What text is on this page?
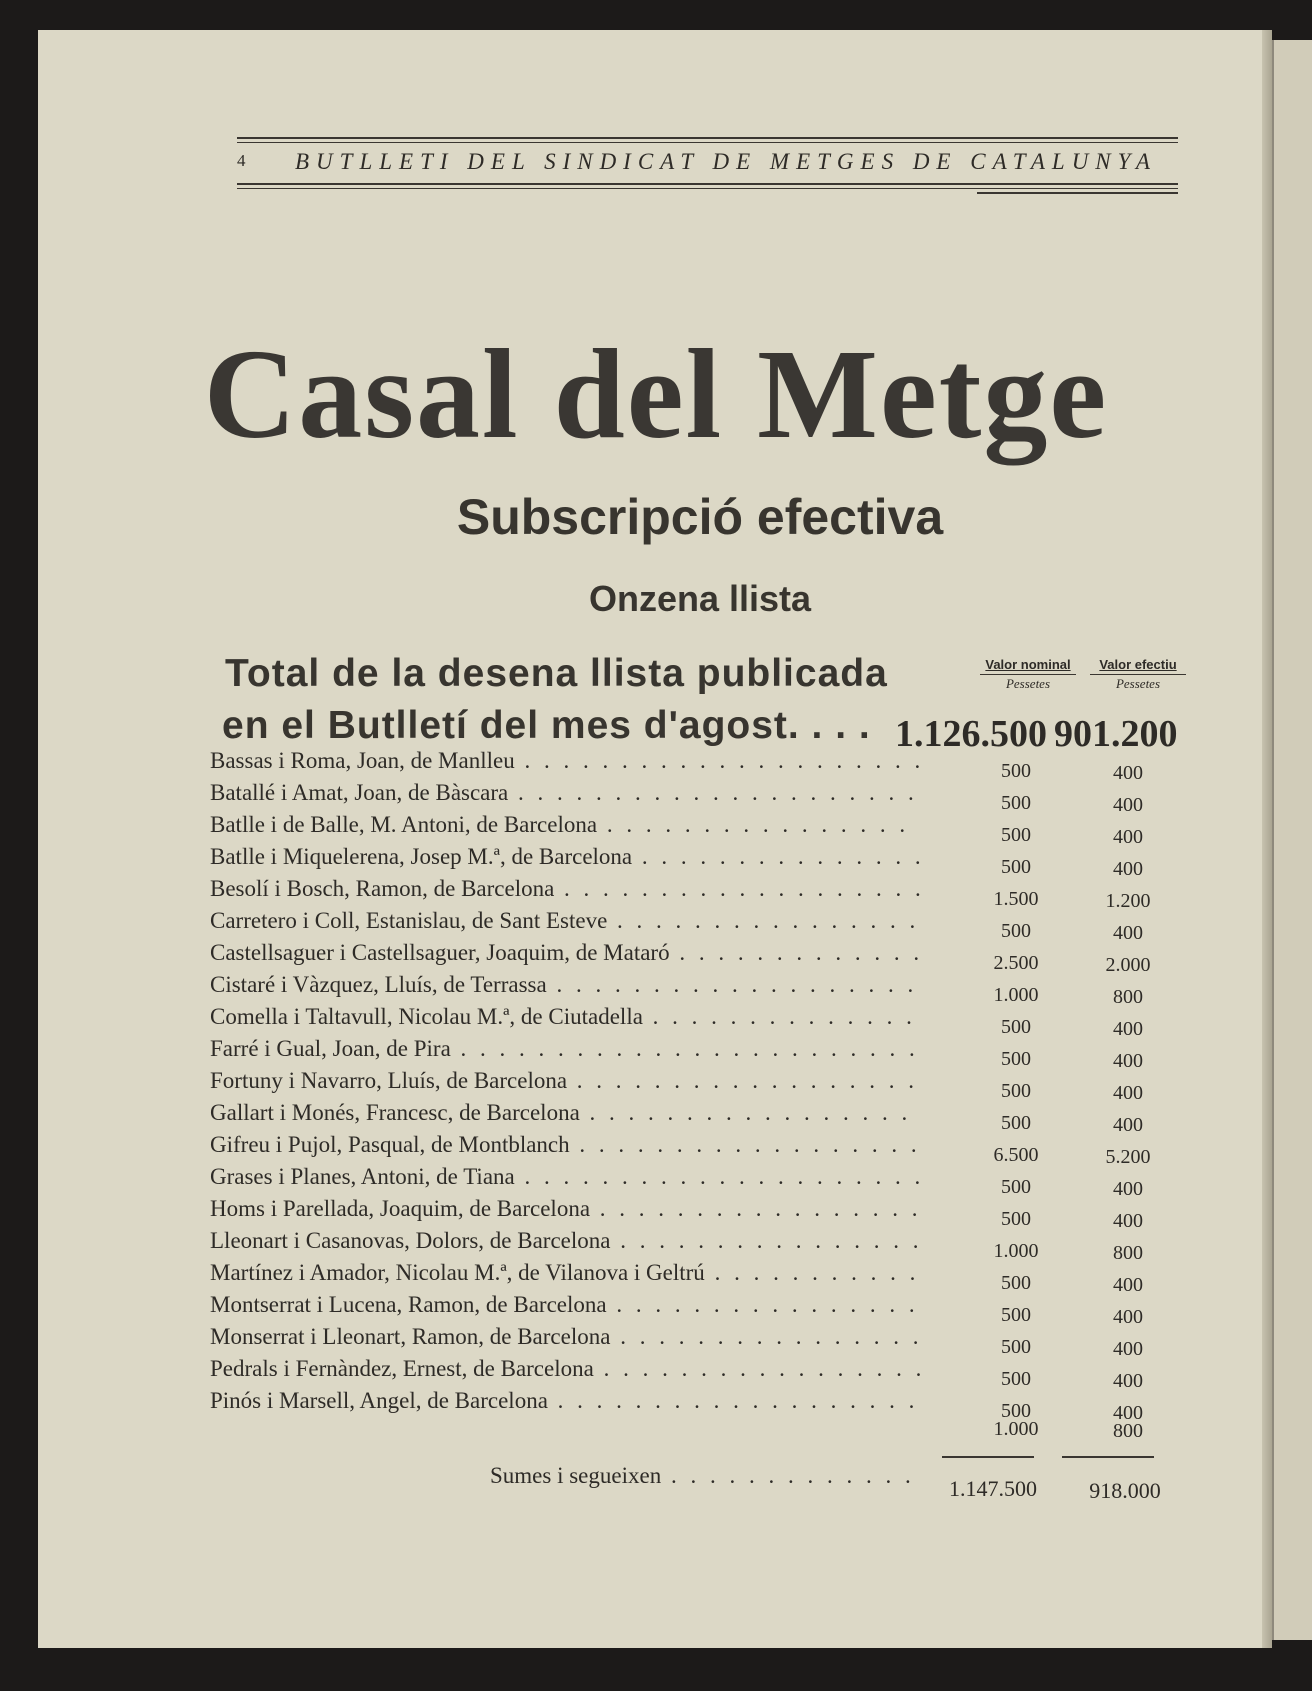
4 BUTLLETI DEL SINDICAT DE METGES DE CATALUNYA
Casal del Metge
Subscripció efectiva
Onzena llista
Total de la desena llista publicada
en el Butlletí del mes d'agost. . . .
Valor nominal
Pessetes
Valor efectiu
Pessetes
1.126.500 901.200
Bassas i Roma, Joan, de Manlleu . . .	500	400
Batallé i Amat, Joan, de Bàscara . . .	500	400
Batlle i de Balle, M. Antoni, de Barcelona . . .	500	400
Batlle i Miquelerena, Josep M.ª, de Barcelona . . .	500	400
Besolí i Bosch, Ramon, de Barcelona . . .	1.500	1.200
Carretero i Coll, Estanislau, de Sant Esteve . . .	500	400
Castellsaguer i Castellsaguer, Joaquim, de Mataró . . .	2.500	2.000
Cistaré i Vàzquez, Lluís, de Terrassa . . .	1.000	800
Comella i Taltavull, Nicolau M.ª, de Ciutadella . . .	500	400
Farré i Gual, Joan, de Pira . . .	500	400
Fortuny i Navarro, Lluís, de Barcelona . . .	500	400
Gallart i Monés, Francesc, de Barcelona . . .	500	400
Gifreu i Pujol, Pasqual, de Montblanch . . .	6.500	5.200
Grases i Planes, Antoni, de Tiana . . .	500	400
Homs i Parellada, Joaquim, de Barcelona . . .	500	400
Lleonart i Casanovas, Dolors, de Barcelona . . .	1.000	800
Martínez i Amador, Nicolau M.ª, de Vilanova i Geltrú . . .	500	400
Montserrat i Lucena, Ramon, de Barcelona . . .	500	400
Monserrat i Lleonart, Ramon, de Barcelona . . .	500	400
Pedrals i Fernàndez, Ernest, de Barcelona . . .	500	400
Pinós i Marsell, Angel, de Barcelona . . .	500	400
1.000	800
Sumes i segueixen . . .
1.147.500	918.000
